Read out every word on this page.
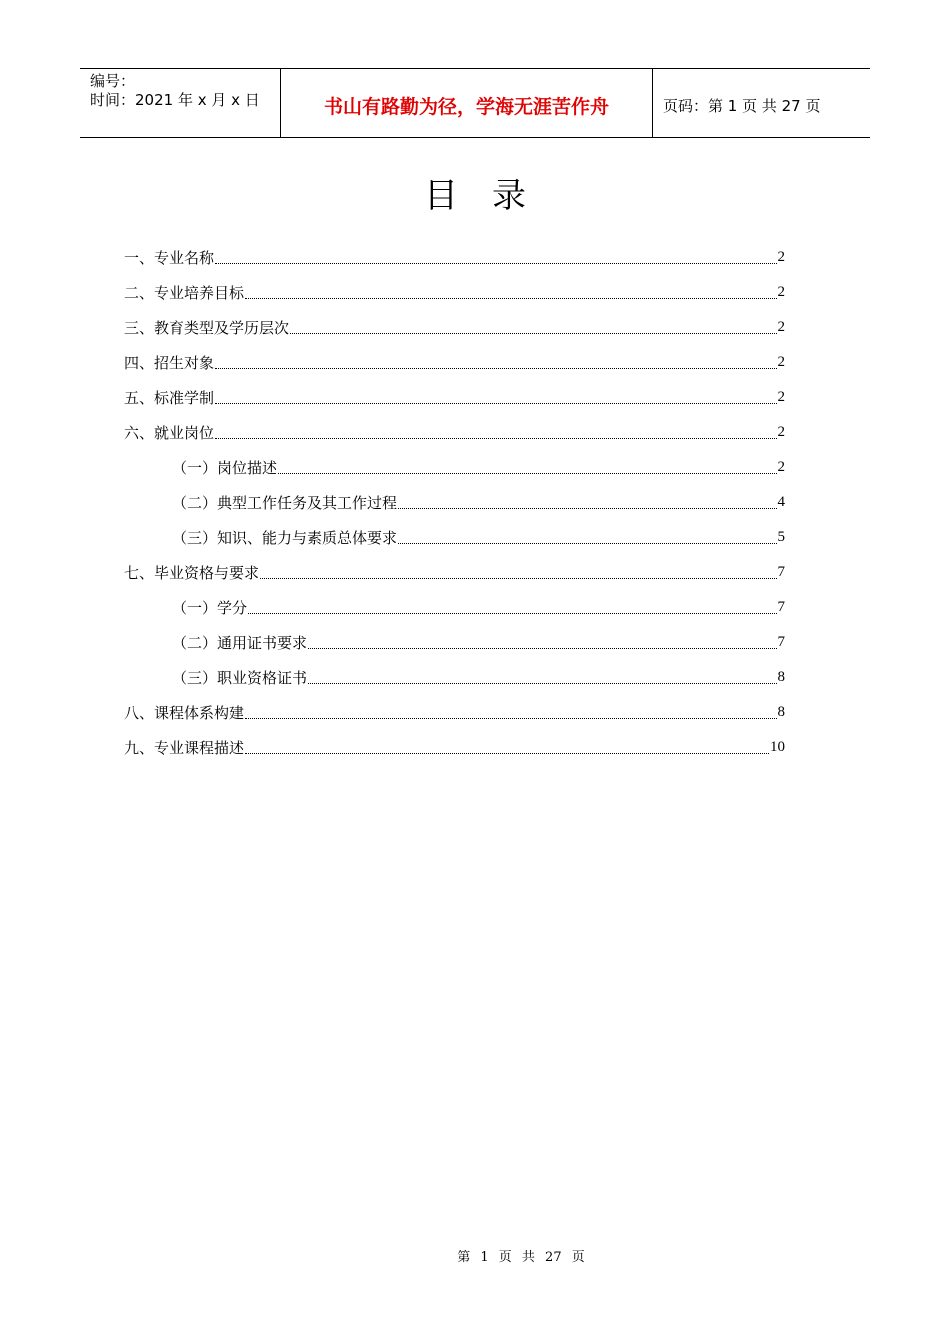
编号：
时间：2021 年 x 月 x 日	书山有路勤为径，学海无涯苦作舟	页码：第 1 页 共 27 页
目录
一、专业名称	2
二、专业培养目标	2
三、教育类型及学历层次	2
四、招生对象	2
五、标准学制	2
六、就业岗位	2
（一）岗位描述	2
（二）典型工作任务及其工作过程	4
（三）知识、能力与素质总体要求	5
七、毕业资格与要求	7
（一）学分	7
（二）通用证书要求	7
（三）职业资格证书	8
八、课程体系构建	8
九、专业课程描述	10
第 1 页 共 27 页
